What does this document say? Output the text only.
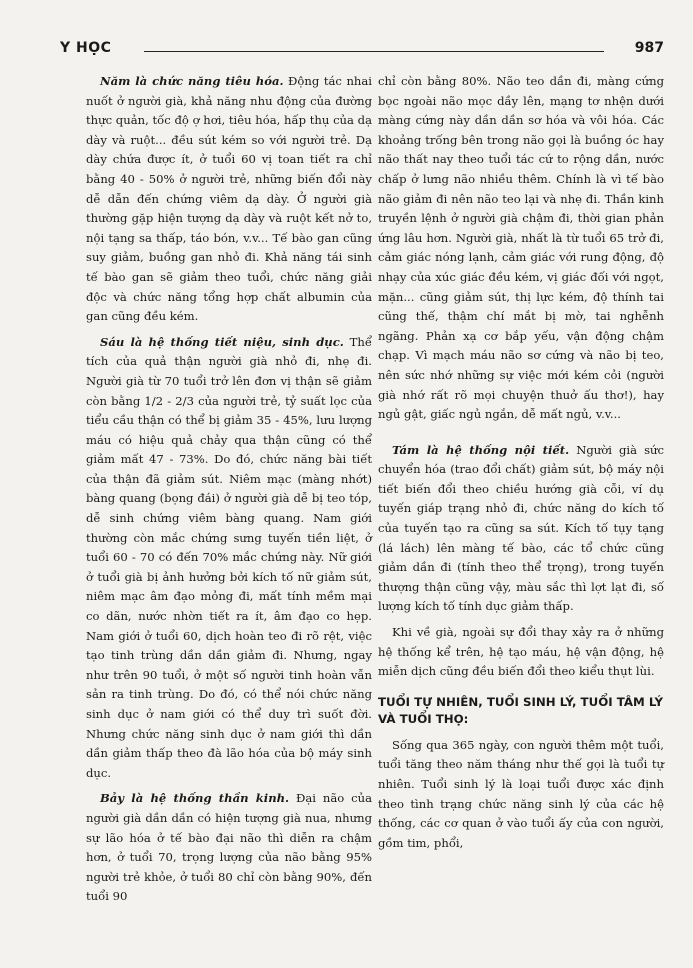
Y HỌC	987

Năm là chức năng tiêu hóa. Động tác nhai nuốt ở người già, khả năng nhu động của đường thực quản, tốc độ ợ hơi, tiêu hóa, hấp thụ của dạ dày và ruột... đều sút kém so với người trẻ. Dạ dày chứa được ít, ở tuổi 60 vị toan tiết ra chỉ bằng 40 - 50% ở người trẻ, những biến đổi này dễ dẫn đến chứng viêm dạ dày. Ở người già thường gặp hiện tượng dạ dày và ruột kết nở to, nội tạng sa thấp, táo bón, v.v... Tế bào gan cũng suy giảm, buồng gan nhỏ đi. Khả năng tái sinh tế bào gan sẽ giảm theo tuổi, chức năng giải độc và chức năng tổng hợp chất albumin của gan cũng đều kém.

Sáu là hệ thống tiết niệu, sinh dục. Thể tích của quả thận người già nhỏ đi, nhẹ đi. Người già từ 70 tuổi trở lên đơn vị thận sẽ giảm còn bằng 1/2 - 2/3 của người trẻ, tỷ suất lọc của tiểu cầu thận có thể bị giảm 35 - 45%, lưu lượng máu có hiệu quả chảy qua thận cũng có thể giảm mất 47 - 73%. Do đó, chức năng bài tiết của thận đã giảm sút. Niêm mạc (màng nhớt) bàng quang (bọng đái) ở người già dễ bị teo tóp, dễ sinh chứng viêm bàng quang. Nam giới thường còn mắc chứng sưng tuyến tiền liệt, ở tuổi 60 - 70 có đến 70% mắc chứng này. Nữ giới ở tuổi già bị ảnh hưởng bởi kích tố nữ giảm sút, niêm mạc âm đạo mỏng đi, mất tính mềm mại co dãn, nước nhờn tiết ra ít, âm đạo co hẹp. Nam giới ở tuổi 60, dịch hoàn teo đi rõ rệt, việc tạo tinh trùng dần dần giảm đi. Nhưng, ngay như trên 90 tuổi, ở một số người tinh hoàn vẫn sản ra tinh trùng. Do đó, có thể nói chức năng sinh dục ở nam giới có thể duy trì suốt đời. Nhưng chức năng sinh dục ở nam giới thì dần dần giảm thấp theo đà lão hóa của bộ máy sinh dục.

Bảy là hệ thống thần kinh. Đại não của người già dần dần có hiện tượng già nua, nhưng sự lão hóa ở tế bào đại não thì diễn ra chậm hơn, ở tuổi 70, trọng lượng của não bằng 95% người trẻ khỏe, ở tuổi 80 chỉ còn bằng 90%, đến tuổi 90

chỉ còn bằng 80%. Não teo dần đi, màng cứng bọc ngoài não mọc dầy lên, mạng tơ nhện dưới màng cứng này dần dần sơ hóa và vôi hóa. Các khoảng trống bên trong não gọi là buồng óc hay não thất nay theo tuổi tác cứ to rộng dần, nước chấp ở lưng não nhiều thêm. Chính là vì tế bào não giảm đi nên não teo lại và nhẹ đi. Thần kinh truyền lệnh ở người già chậm đi, thời gian phản ứng lâu hơn. Người già, nhất là từ tuổi 65 trở đi, cảm giác nóng lạnh, cảm giác với rung động, độ nhạy của xúc giác đều kém, vị giác đối với ngọt, mặn... cũng giảm sút, thị lực kém, độ thính tai cũng thế, thậm chí mắt bị mờ, tai nghễnh ngãng. Phản xạ cơ bắp yếu, vận động chậm chạp. Vì mạch máu não sơ cứng và não bị teo, nên sức nhớ những sự việc mới kém cỏi (người già nhớ rất rõ mọi chuyện thuở ấu thơ!), hay ngủ gật, giấc ngủ ngắn, dễ mất ngủ, v.v...

Tám là hệ thống nội tiết. Người già sức chuyển hóa (trao đổi chất) giảm sút, bộ máy nội tiết biến đổi theo chiều hướng già cỗi, ví dụ tuyến giáp trạng nhỏ đi, chức năng do kích tố của tuyến tạo ra cũng sa sút. Kích tố tụy tạng (lá lách) lên màng tế bào, các tổ chức cũng giảm dần đi (tính theo thể trọng), trong tuyến thượng thận cũng vậy, màu sắc thì lợt lạt đi, số lượng kích tố tính dục giảm thấp.

Khi về già, ngoài sự đổi thay xảy ra ở những hệ thống kể trên, hệ tạo máu, hệ vận động, hệ miễn dịch cũng đều biến đổi theo kiểu thụt lùi.

TUỔI TỰ NHIÊN, TUỔI SINH LÝ, TUỔI TÂM LÝ VÀ TUỔI THỌ:

Sống qua 365 ngày, con người thêm một tuổi, tuổi tăng theo năm tháng như thế gọi là tuổi tự nhiên. Tuổi sinh lý là loại tuổi được xác định theo tình trạng chức năng sinh lý của các hệ thống, các cơ quan ở vào tuổi ấy của con người, gồm tim, phổi,
